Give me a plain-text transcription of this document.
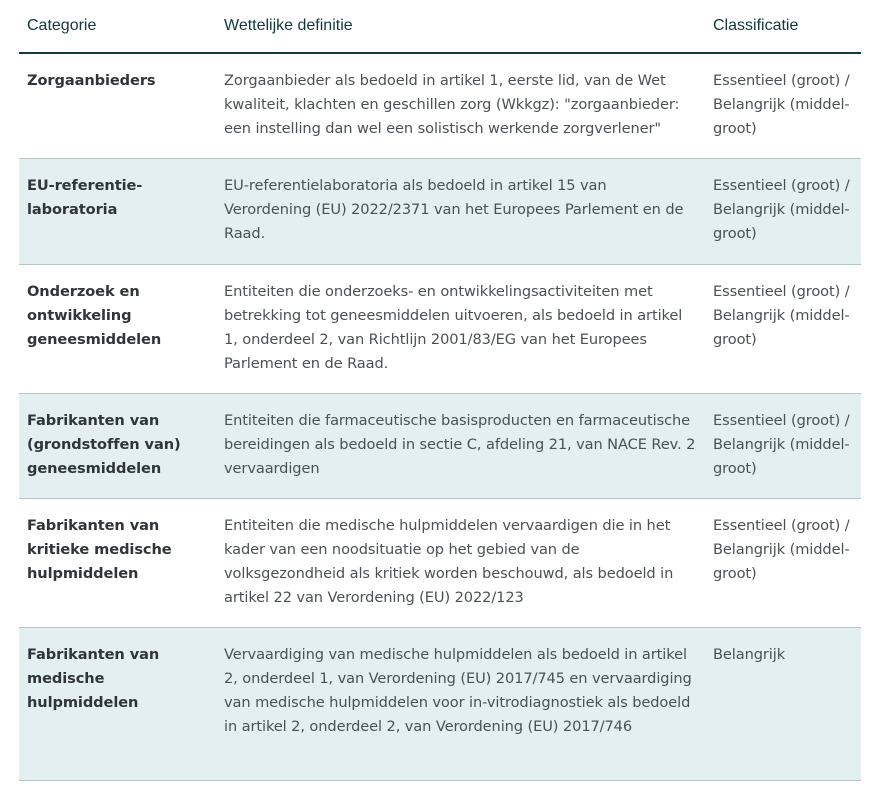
Categorie	Wettelijke definitie	Classificatie
Zorgaanbieders	Zorgaanbieder als bedoeld in artikel 1, eerste lid, van de Wet kwaliteit, klachten en geschillen zorg (Wkkgz): "zorgaanbieder: een instelling dan wel een solistisch werkende zorgverlener"	Essentieel (groot) / Belangrijk (middel-groot)
EU-referentie-laboratoria	EU-referentielaboratoria als bedoeld in artikel 15 van Verordening (EU) 2022/2371 van het Europees Parlement en de Raad.	Essentieel (groot) / Belangrijk (middel-groot)
Onderzoek en ontwikkeling geneesmiddelen	Entiteiten die onderzoeks- en ontwikkelingsactiviteiten met betrekking tot geneesmiddelen uitvoeren, als bedoeld in artikel 1, onderdeel 2, van Richtlijn 2001/83/EG van het Europees Parlement en de Raad.	Essentieel (groot) / Belangrijk (middel-groot)
Fabrikanten van (grondstoffen van) geneesmiddelen	Entiteiten die farmaceutische basisproducten en farmaceutische bereidingen als bedoeld in sectie C, afdeling 21, van NACE Rev. 2 vervaardigen	Essentieel (groot) / Belangrijk (middel-groot)
Fabrikanten van kritieke medische hulpmiddelen	Entiteiten die medische hulpmiddelen vervaardigen die in het kader van een noodsituatie op het gebied van de volksgezondheid als kritiek worden beschouwd, als bedoeld in artikel 22 van Verordening (EU) 2022/123	Essentieel (groot) / Belangrijk (middel-groot)
Fabrikanten van medische hulpmiddelen	Vervaardiging van medische hulpmiddelen als bedoeld in artikel 2, onderdeel 1, van Verordening (EU) 2017/745 en vervaardiging van medische hulpmiddelen voor in-vitrodiagnostiek als bedoeld in artikel 2, onderdeel 2, van Verordening (EU) 2017/746	Belangrijk
